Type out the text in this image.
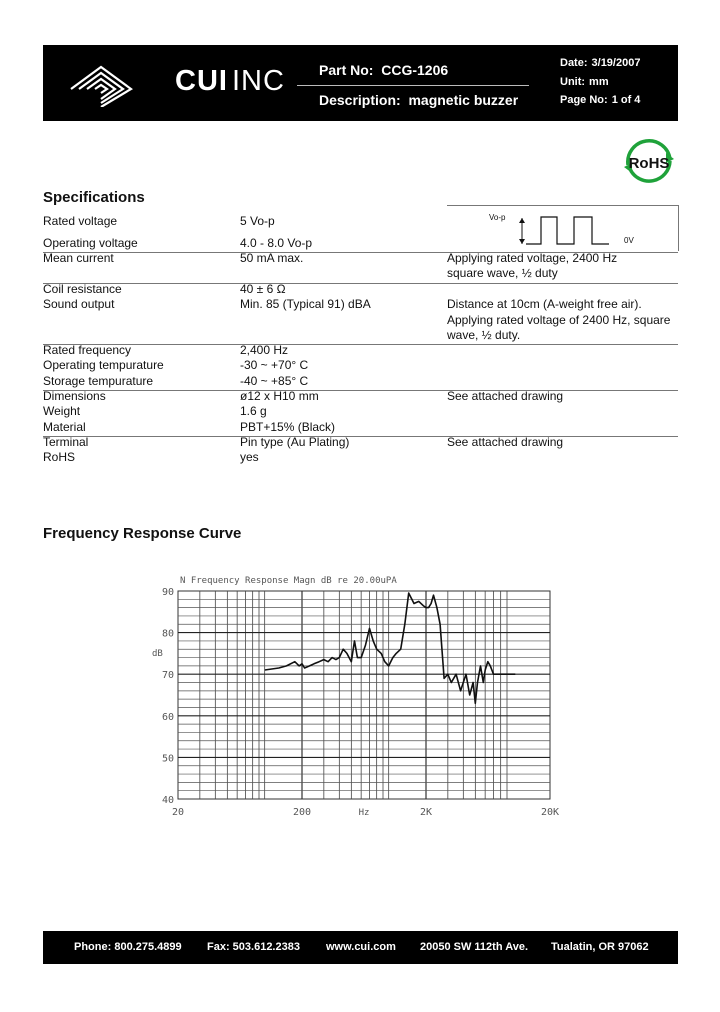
CUI INC Part No: CCG-1206
Description: magnetic buzzer
Date: 3/19/2007
Unit: mm
Page No: 1 of 4
RoHS
Specifications
Vo-p
0V
Rated voltage	5 Vo-p
Operating voltage	4.0 - 8.0 Vo-p
Mean current	50 mA max.	Applying rated voltage, 2400 Hz
square wave, ½ duty
Coil resistance	40 ± 6 Ω
Sound output	Min. 85 (Typical 91) dBA	Distance at 10cm (A-weight free air).
Applying rated voltage of 2400 Hz, square
wave, ½ duty.
Rated frequency	2,400 Hz
Operating tempurature	-30 ~ +70° C
Storage tempurature	-40 ~ +85° C
Dimensions	ø12 x H10 mm	See attached drawing
Weight	1.6 g
Material	PBT+15% (Black)
Terminal	Pin type (Au Plating)	See attached drawing
RoHS	yes
Frequency Response Curve
90
80
70
60
50
40
20	200	2K	20K
N Frequency Response Magn dB re 20.00uPA
dB
Hz
Phone: 800.275.4899 Fax: 503.612.2383 www.cui.com 20050 SW 112th Ave. Tualatin, OR 97062
